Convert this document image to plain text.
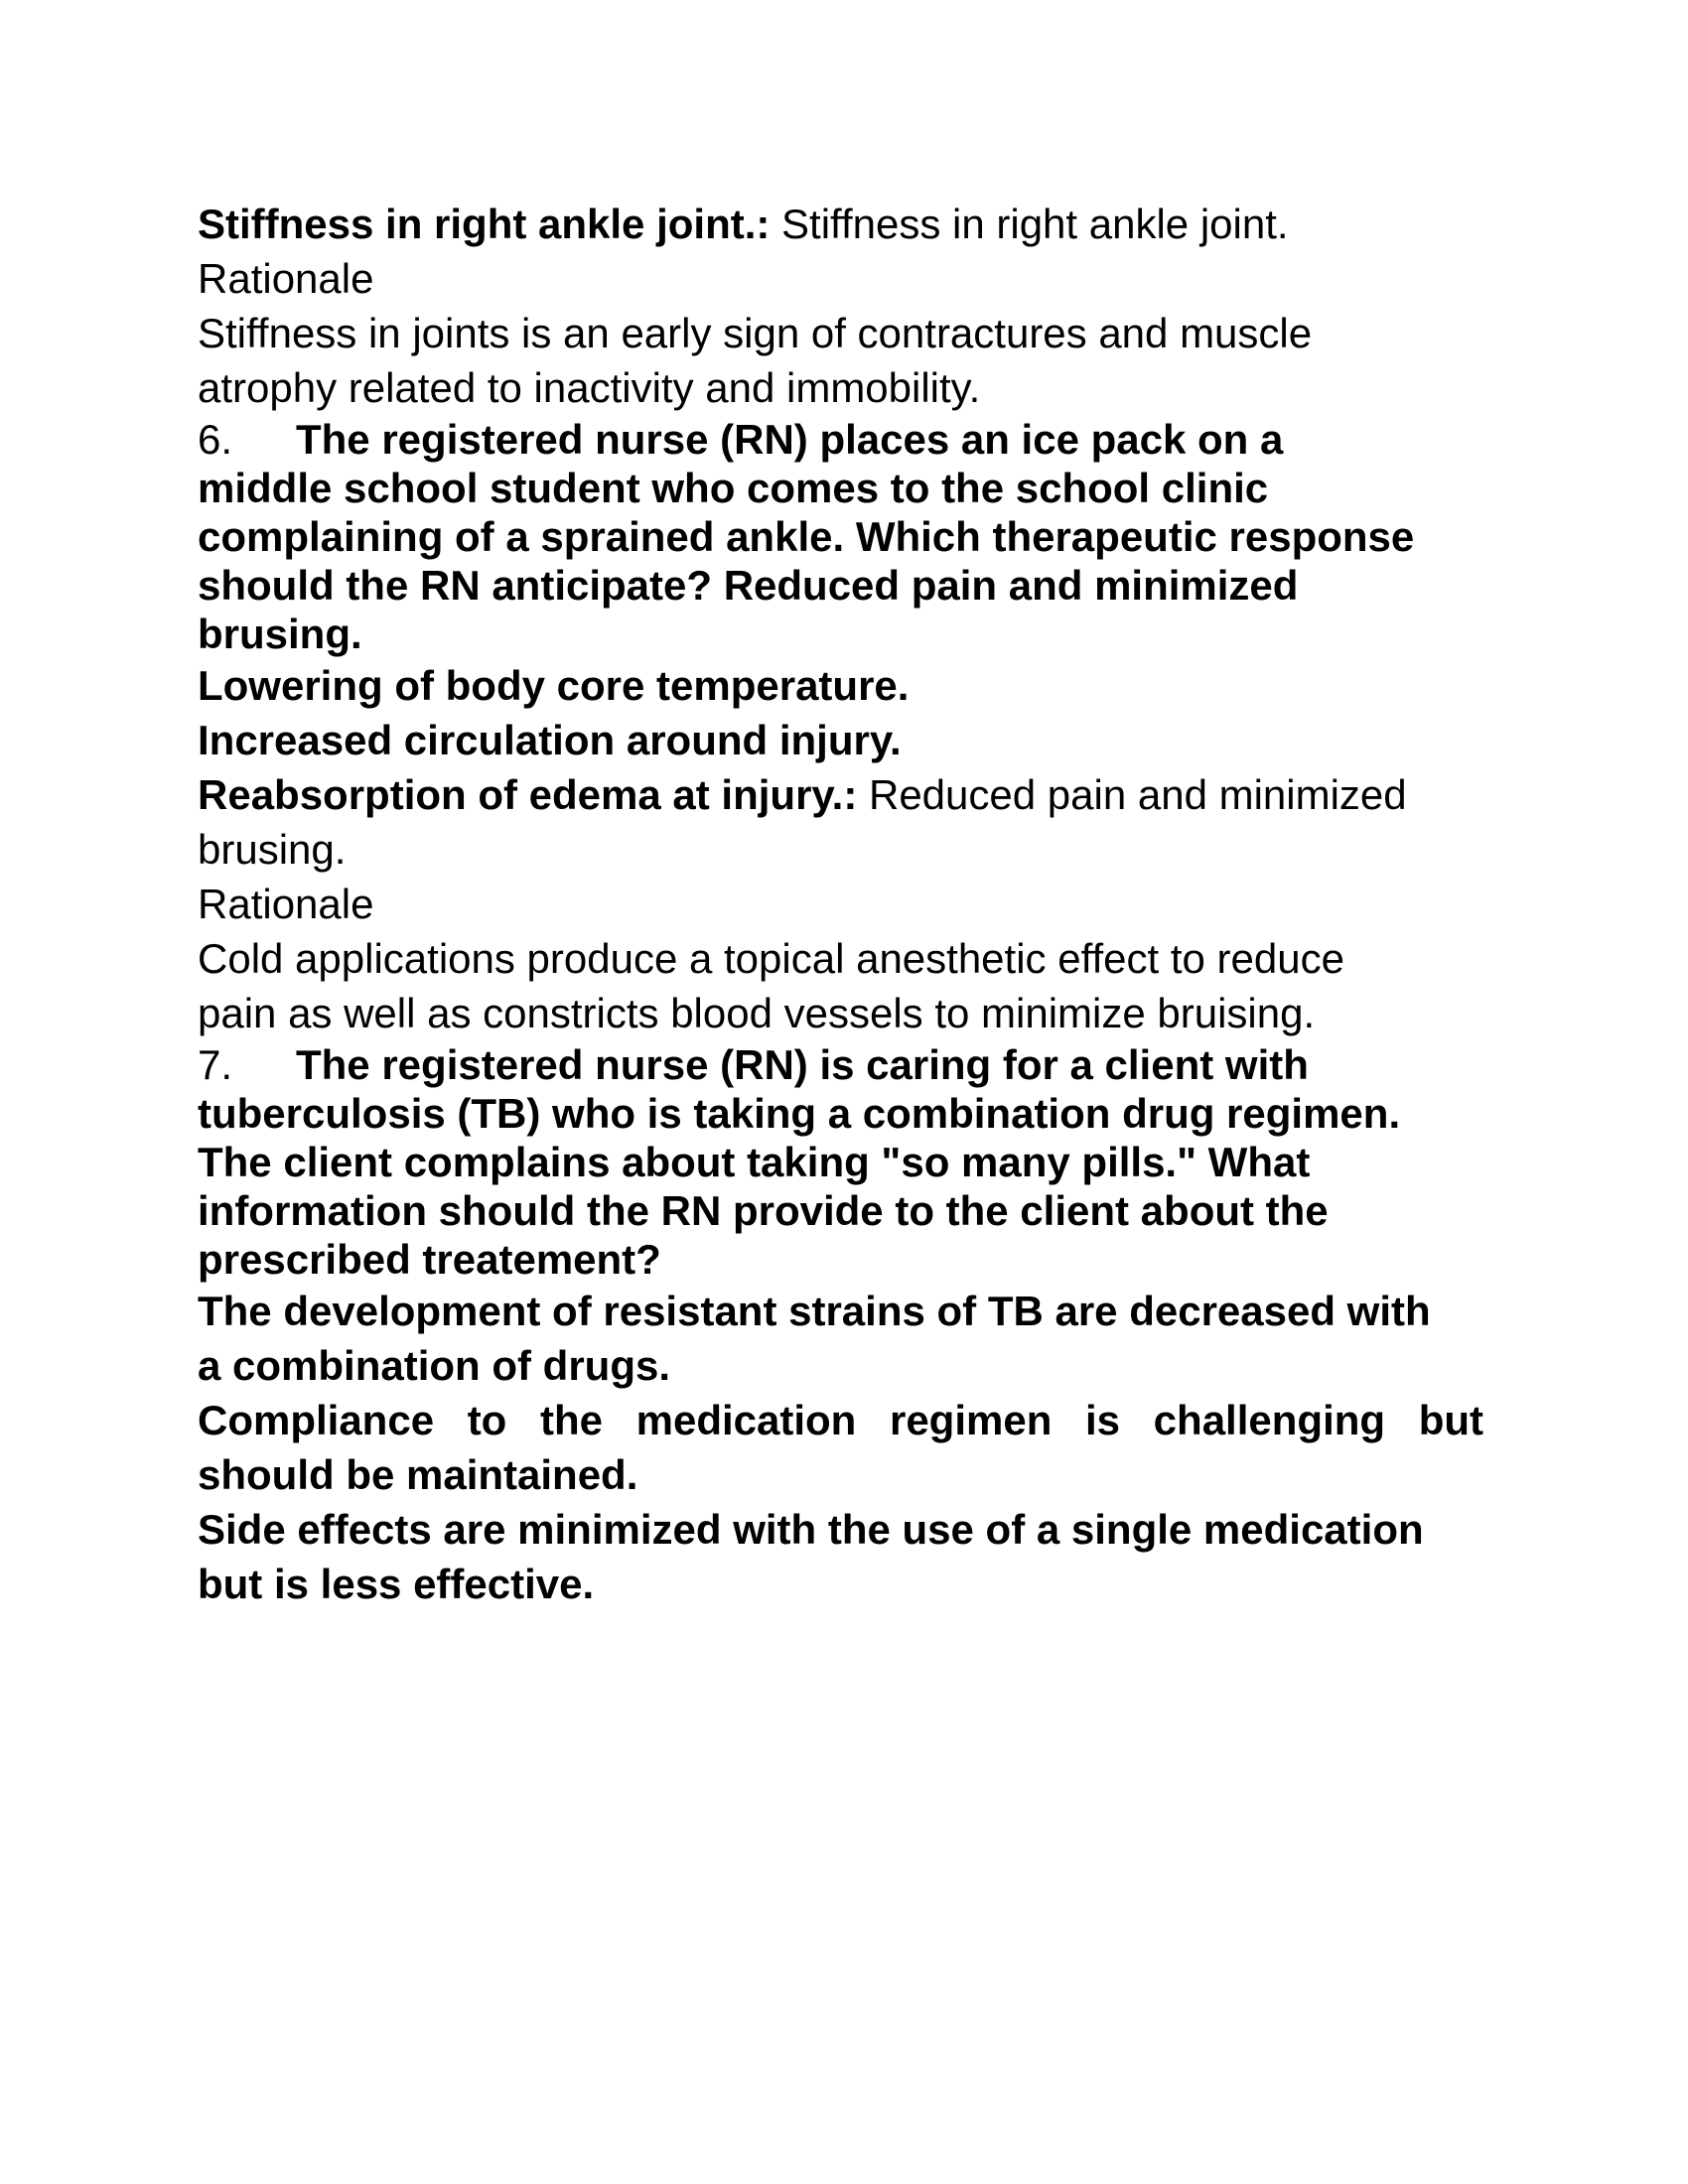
Stiffness in right ankle joint.: Stiffness in right ankle joint.
Rationale
Stiffness in joints is an early sign of contractures and muscle
atrophy related to inactivity and immobility.
6. The registered nurse (RN) places an ice pack on a
middle school student who comes to the school clinic
complaining of a sprained ankle. Which therapeutic response
should the RN anticipate? Reduced pain and minimized
brusing.
Lowering of body core temperature.
Increased circulation around injury.
Reabsorption of edema at injury.: Reduced pain and minimized
brusing.
Rationale
Cold applications produce a topical anesthetic effect to reduce
pain as well as constricts blood vessels to minimize bruising.
7. The registered nurse (RN) is caring for a client with
tuberculosis (TB) who is taking a combination drug regimen.
The client complains about taking "so many pills." What
information should the RN provide to the client about the
prescribed treatement?
The development of resistant strains of TB are decreased with
a combination of drugs.
Compliance to the medication regimen is challenging but
should be maintained.
Side effects are minimized with the use of a single medication
but is less effective.
